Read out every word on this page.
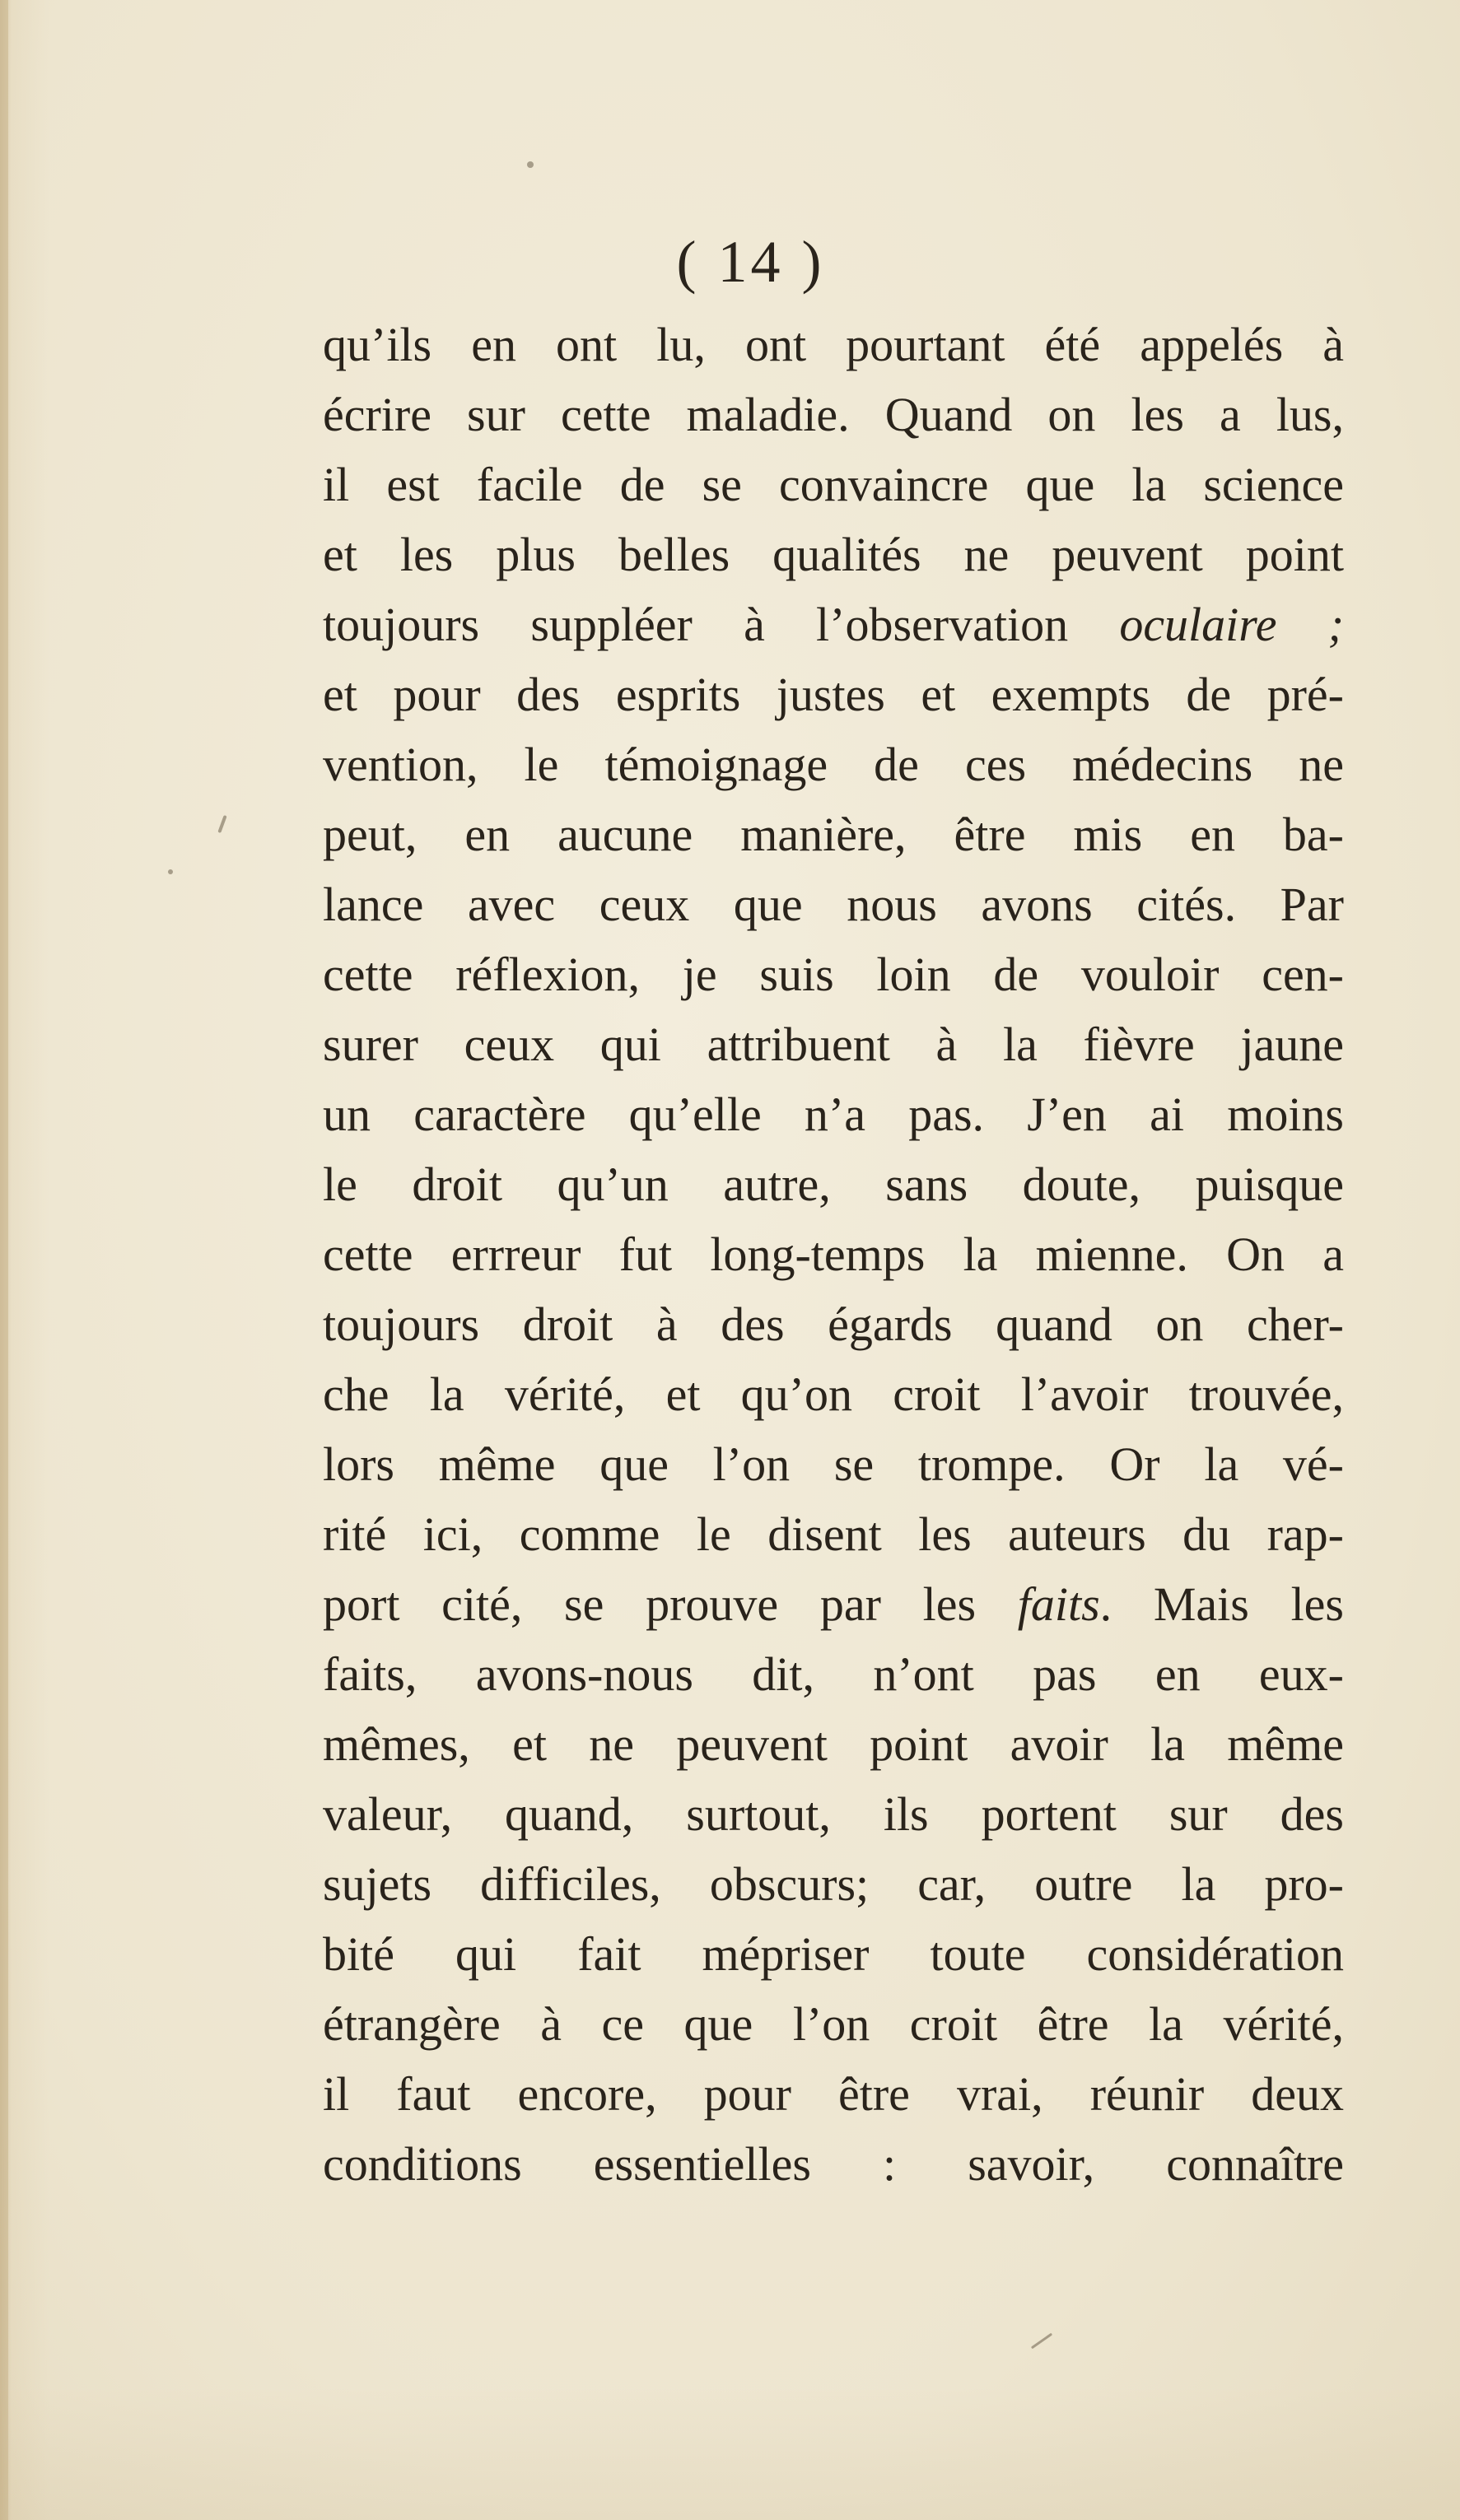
( 14 )
qu’ils en ont lu, ont pourtant été appelés à
écrire sur cette maladie. Quand on les a lus,
il est facile de se convaincre que la science
et les plus belles qualités ne peuvent point
toujours suppléer à l’observation oculaire ;
et pour des esprits justes et exempts de pré-
vention, le témoignage de ces médecins ne
peut, en aucune manière, être mis en ba-
lance avec ceux que nous avons cités. Par
cette réflexion, je suis loin de vouloir cen-
surer ceux qui attribuent à la fièvre jaune
un caractère qu’elle n’a pas. J’en ai moins
le droit qu’un autre, sans doute, puisque
cette errreur fut long-temps la mienne. On a
toujours droit à des égards quand on cher-
che la vérité, et qu’on croit l’avoir trouvée,
lors même que l’on se trompe. Or la vé-
rité ici, comme le disent les auteurs du rap-
port cité, se prouve par les faits. Mais les
faits, avons-nous dit, n’ont pas en eux-
mêmes, et ne peuvent point avoir la même
valeur, quand, surtout, ils portent sur des
sujets difficiles, obscurs; car, outre la pro-
bité qui fait mépriser toute considération
étrangère à ce que l’on croit être la vérité,
il faut encore, pour être vrai, réunir deux
conditions essentielles : savoir, connaître
